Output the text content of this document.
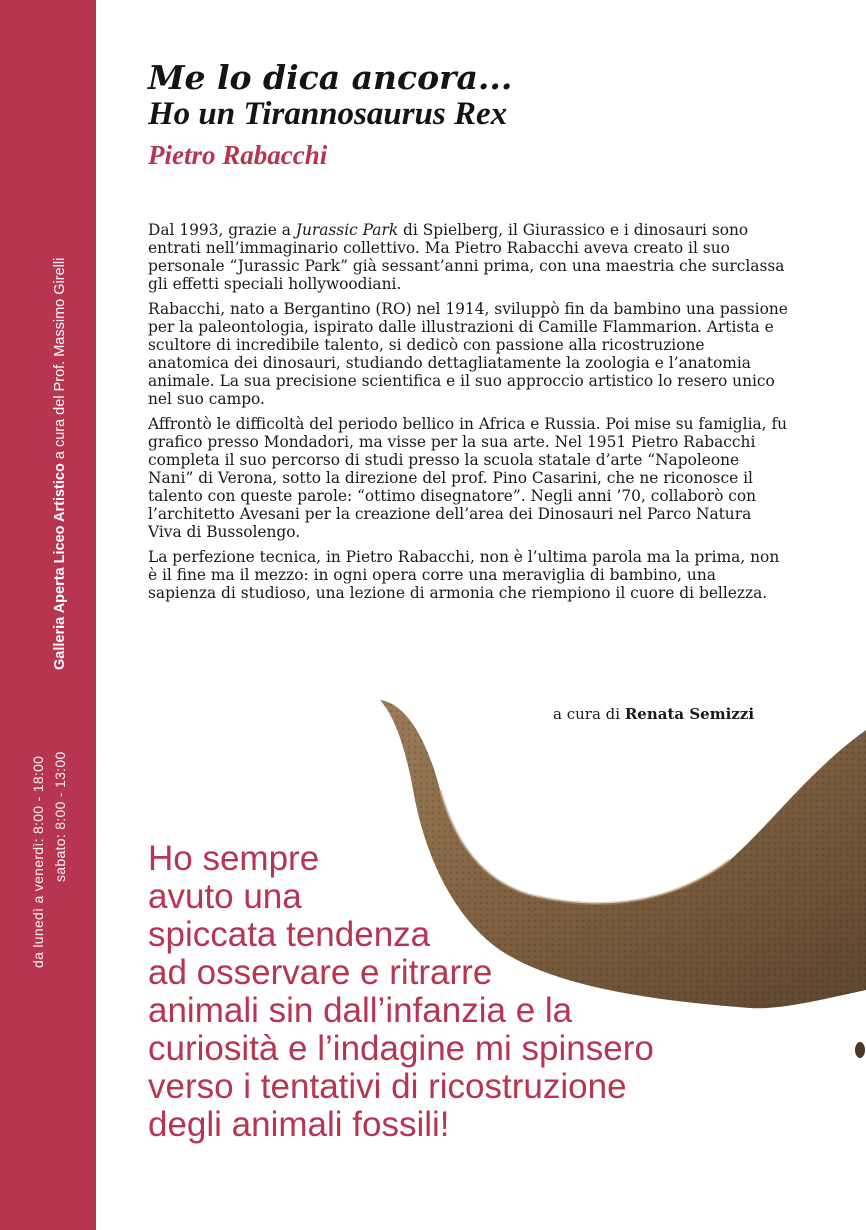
Galleria Aperta Liceo Artistico a cura del Prof. Massimo Girelli
da lunedì a venerdì: 8:00 - 18:00 sabato: 8:00 - 13:00
Me lo dica ancora...
Ho un Tirannosaurus Rex
Pietro Rabacchi

Dal 1993, grazie a Jurassic Park di Spielberg, il Giurassico e i dinosauri sono entrati nell’immaginario collettivo. Ma Pietro Rabacchi aveva creato il suo personale “Jurassic Park” già sessant’anni prima, con una maestria che surclassa gli effetti speciali hollywoodiani.

Rabacchi, nato a Bergantino (RO) nel 1914, sviluppò fin da bambino una passione per la paleontologia, ispirato dalle illustrazioni di Camille Flammarion. Artista e scultore di incredibile talento, si dedicò con passione alla ricostruzione anatomica dei dinosauri, studiando dettagliatamente la zoologia e l’anatomia animale. La sua precisione scientifica e il suo approccio artistico lo resero unico nel suo campo.

Affrontò le difficoltà del periodo bellico in Africa e Russia. Poi mise su famiglia, fu grafico presso Mondadori, ma visse per la sua arte. Nel 1951 Pietro Rabacchi completa il suo percorso di studi presso la scuola statale d’arte “Napoleone Nani” di Verona, sotto la direzione del prof. Pino Casarini, che ne riconosce il talento con queste parole: “ottimo disegnatore”. Negli anni ’70, collaborò con l’architetto Avesani per la creazione dell’area dei Dinosauri nel Parco Natura Viva di Bussolengo.

La perfezione tecnica, in Pietro Rabacchi, non è l’ultima parola ma la prima, non è il fine ma il mezzo: in ogni opera corre una meraviglia di bambino, una sapienza di studioso, una lezione di armonia che riempiono il cuore di bellezza.

a cura di Renata Semizzi
Ho sempre
avuto una
spiccata tendenza
ad osservare e ritrarre
animali sin dall’infanzia e la
curiosità e l’indagine mi spinsero
verso i tentativi di ricostruzione
degli animali fossili!
